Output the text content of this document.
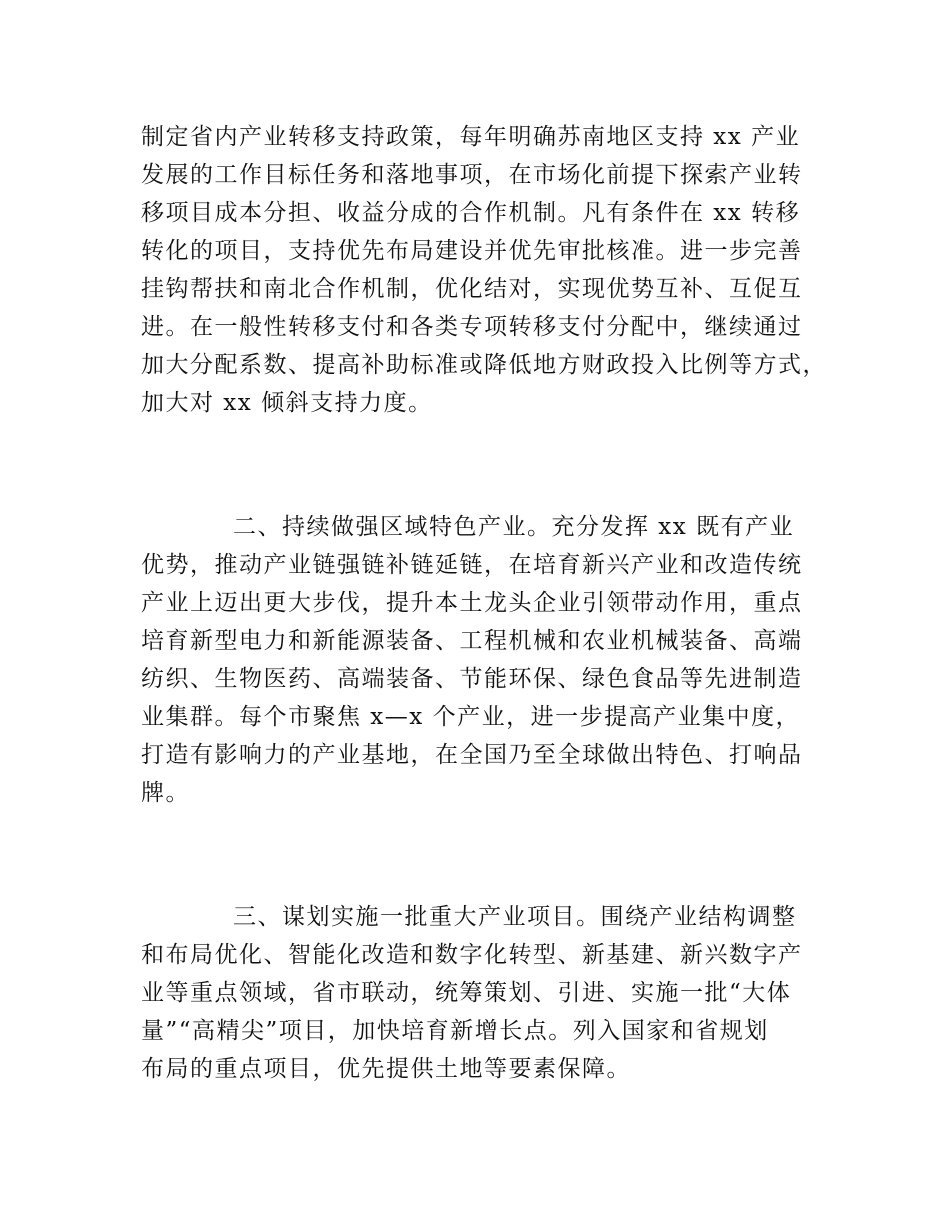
制定省内产业转移支持政策，每年明确苏南地区支持 xx 产业
发展的工作目标任务和落地事项，在市场化前提下探索产业转
移项目成本分担、收益分成的合作机制。凡有条件在 xx 转移
转化的项目，支持优先布局建设并优先审批核准。进一步完善
挂钩帮扶和南北合作机制，优化结对，实现优势互补、互促互
进。在一般性转移支付和各类专项转移支付分配中，继续通过
加大分配系数、提高补助标准或降低地方财政投入比例等方式，
加大对 xx 倾斜支持力度。
二、持续做强区域特色产业。充分发挥 xx 既有产业
优势，推动产业链强链补链延链，在培育新兴产业和改造传统
产业上迈出更大步伐，提升本土龙头企业引领带动作用，重点
培育新型电力和新能源装备、工程机械和农业机械装备、高端
纺织、生物医药、高端装备、节能环保、绿色食品等先进制造
业集群。每个市聚焦 x—x 个产业，进一步提高产业集中度，
打造有影响力的产业基地，在全国乃至全球做出特色、打响品
牌。
三、谋划实施一批重大产业项目。围绕产业结构调整
和布局优化、智能化改造和数字化转型、新基建、新兴数字产
业等重点领域，省市联动，统筹策划、引进、实施一批“大体
量”“高精尖”项目，加快培育新增长点。列入国家和省规划
布局的重点项目，优先提供土地等要素保障。
